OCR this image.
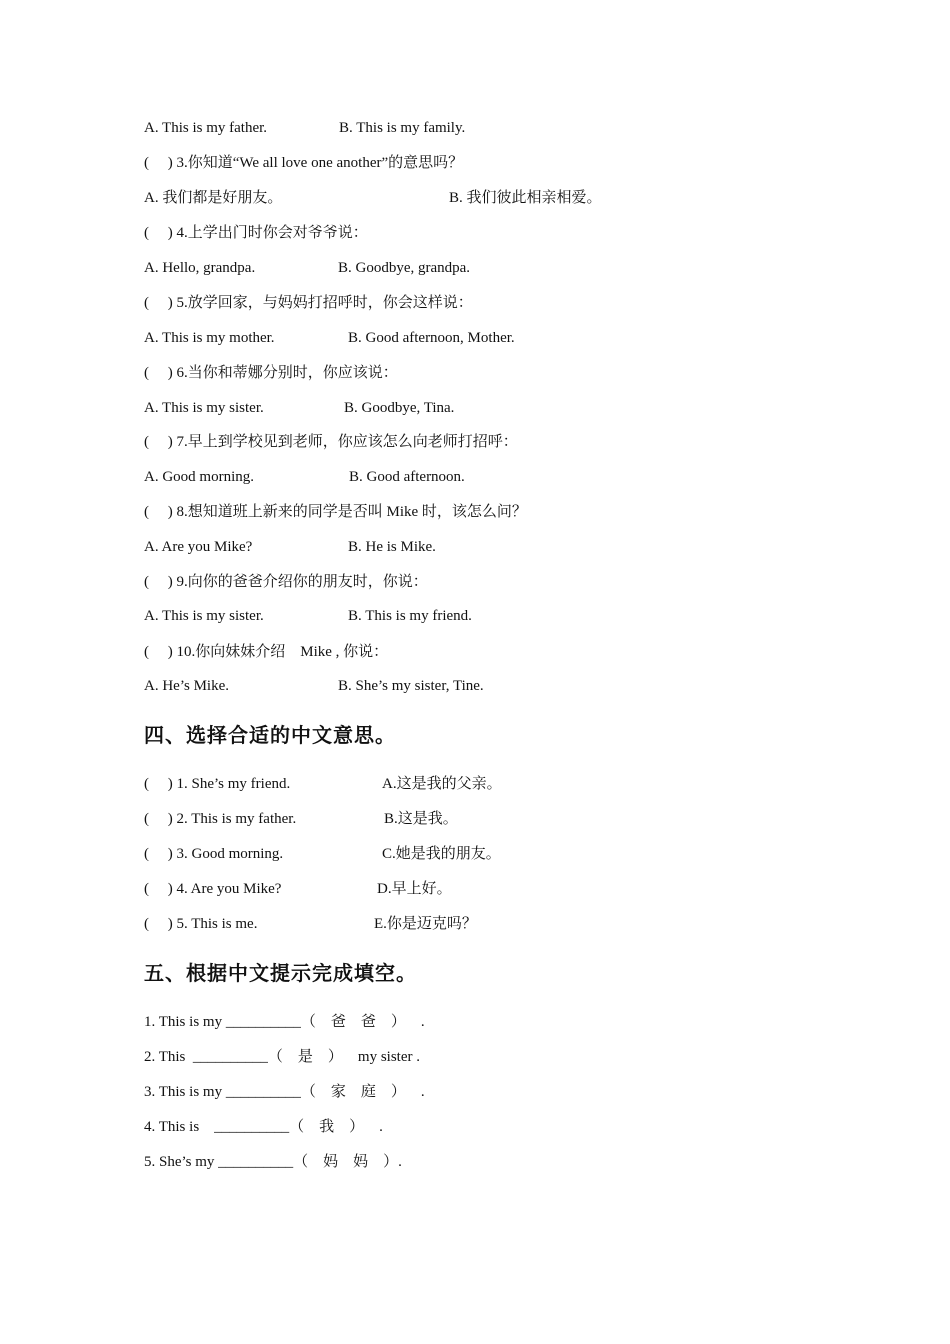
A. This is my father.	B. This is my family.
(     ) 3.你知道“We all love one another”的意思吗？
A. 我们都是好朋友。	B. 我们彼此相亲相爱。
(     ) 4.上学出门时你会对爷爷说：
A. Hello, grandpa.	B. Goodbye, grandpa.
(     ) 5.放学回家，与妈妈打招呼时，你会这样说：
A. This is my mother.	B. Good afternoon, Mother.
(     ) 6.当你和蒂娜分别时，你应该说：
A. This is my sister.	B. Goodbye, Tina.
(     ) 7.早上到学校见到老师，你应该怎么向老师打招呼：
A. Good morning.	B. Good afternoon.
(     ) 8.想知道班上新来的同学是否叫 Mike 时，该怎么问？
A. Are you Mike?	B. He is Mike.
(     ) 9.向你的爸爸介绍你的朋友时，你说：
A. This is my sister.	B. This is my friend.
(     ) 10.你向妹妹介绍    Mike , 你说：
A. He’s Mike.	B. She’s my sister, Tine.
四、选择合适的中文意思。
(     ) 1. She’s my friend.	A.这是我的父亲。
(     ) 2. This is my father.	B.这是我。
(     ) 3. Good morning.	C.她是我的朋友。
(     ) 4. Are you Mike?	D.早上好。
(     ) 5. This is me.	E.你是迈克吗？
五、根据中文提示完成填空。
1. This is my __________（    爸    爸    ）    .
2. This  __________（    是    ）    my sister .
3. This is my __________（    家    庭    ）    .
4. This is    __________（    我    ）    .
5. She’s my __________（    妈    妈    ）.
